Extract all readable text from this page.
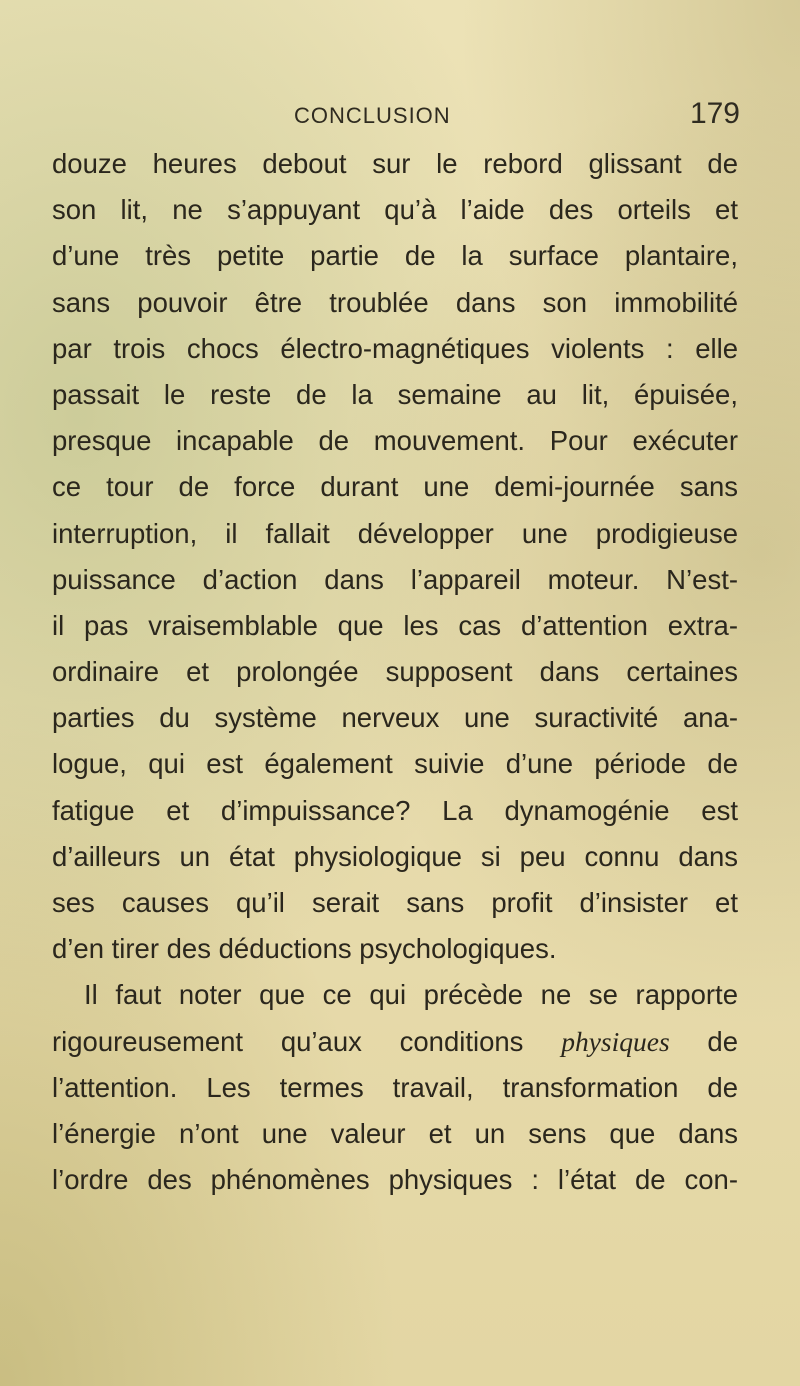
CONCLUSION	179
douze heures debout sur le rebord glissant de
son lit, ne s’appuyant qu’à l’aide des orteils et
d’une très petite partie de la surface plantaire,
sans pouvoir être troublée dans son immobilité
par trois chocs électro-magnétiques violents : elle
passait le reste de la semaine au lit, épuisée,
presque incapable de mouvement. Pour exécuter
ce tour de force durant une demi-journée sans
interruption, il fallait développer une prodigieuse
puissance d’action dans l’appareil moteur. N’est-
il pas vraisemblable que les cas d’attention extra-
ordinaire et prolongée supposent dans certaines
parties du système nerveux une suractivité ana-
logue, qui est également suivie d’une période de
fatigue et d’impuissance? La dynamogénie est
d’ailleurs un état physiologique si peu connu dans
ses causes qu’il serait sans profit d’insister et
d’en tirer des déductions psychologiques.
Il faut noter que ce qui précède ne se rapporte
rigoureusement qu’aux conditions physiques de
l’attention. Les termes travail, transformation de
l’énergie n’ont une valeur et un sens que dans
l’ordre des phénomènes physiques : l’état de con-
